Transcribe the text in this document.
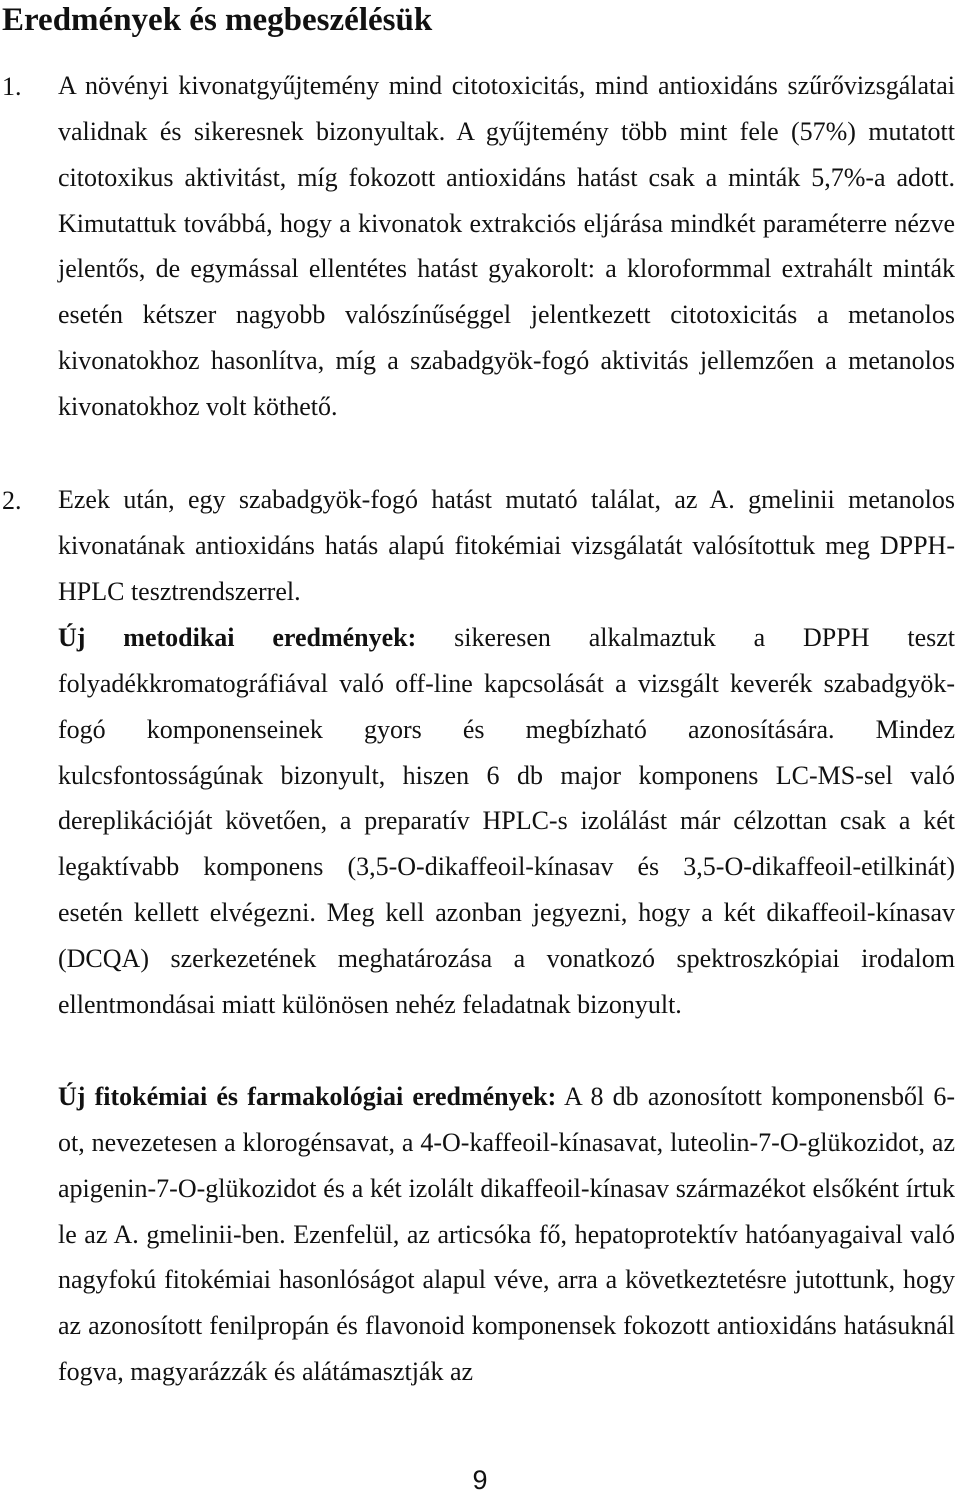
Eredmények és megbeszélésük
1. A növényi kivonatgyűjtemény mind citotoxicitás, mind antioxidáns szűrővizsgálatai validnak és sikeresnek bizonyultak. A gyűjtemény több mint fele (57%) mutatott citotoxikus aktivitást, míg fokozott antioxidáns hatást csak a minták 5,7%-a adott. Kimutattuk továbbá, hogy a kivonatok extrakciós eljárása mindkét paraméterre nézve jelentős, de egymással ellentétes hatást gyakorolt: a kloroformmal extrahált minták esetén kétszer nagyobb valószínűséggel jelentkezett citotoxicitás a metanolos kivonatokhoz hasonlítva, míg a szabadgyök-fogó aktivitás jellemzően a metanolos kivonatokhoz volt köthető.

2. Ezek után, egy szabadgyök-fogó hatást mutató találat, az A. gmelinii metanolos kivonatának antioxidáns hatás alapú fitokémiai vizsgálatát valósítottuk meg DPPH- HPLC tesztrendszerrel.

Új metodikai eredmények: sikeresen alkalmaztuk a DPPH teszt folyadékkromatográfiával való off-line kapcsolását a vizsgált keverék szabadgyök-fogó komponenseinek gyors és megbízható azonosítására. Mindez kulcsfontosságúnak bizonyult, hiszen 6 db major komponens LC-MS-sel való dereplikációját követően, a preparatív HPLC-s izolálást már célzottan csak a két legaktívabb komponens (3,5-O-dikaffeoil-kínasav és 3,5-O-dikaffeoil-etilkinát) esetén kellett elvégezni. Meg kell azonban jegyezni, hogy a két dikaffeoil-kínasav (DCQA) szerkezetének meghatározása a vonatkozó spektroszkópiai irodalom ellentmondásai miatt különösen nehéz feladatnak bizonyult.

Új fitokémiai és farmakológiai eredmények: A 8 db azonosított komponensből 6-ot, nevezetesen a klorogénsavat, a 4-O-kaffeoil-kínasavat, luteolin-7-O-glükozidot, az apigenin-7-O-glükozidot és a két izolált dikaffeoil-kínasav származékot elsőként írtuk le az A. gmelinii-ben. Ezenfelül, az articsóka fő, hepatoprotektív hatóanyagaival való nagyfokú fitokémiai hasonlóságot alapul véve, arra a következtetésre jutottunk, hogy az azonosított fenilpropán és flavonoid komponensek fokozott antioxidáns hatásuknál fogva, magyarázzák és alátámasztják az

9
